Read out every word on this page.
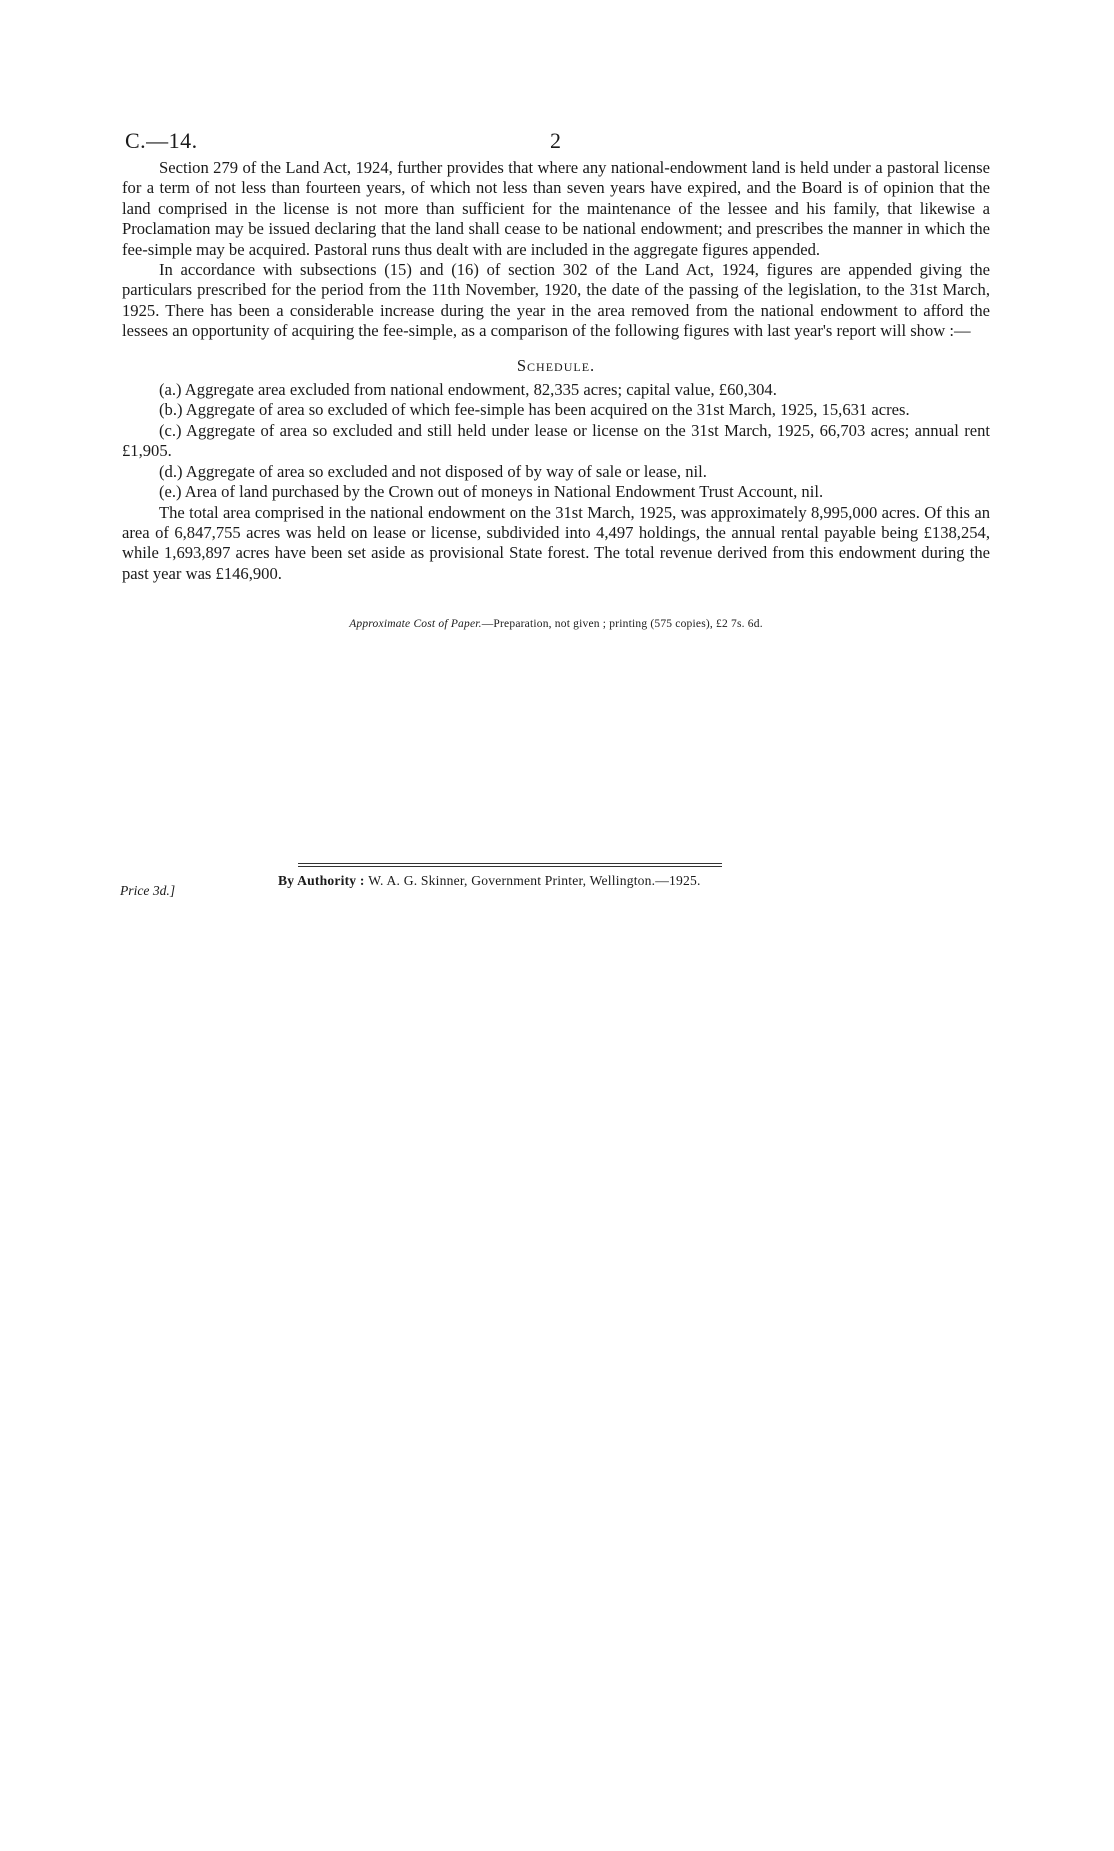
C.—14.	2

Section 279 of the Land Act, 1924, further provides that where any national-endowment land is held under a pastoral license for a term of not less than fourteen years, of which not less than seven years have expired, and the Board is of opinion that the land comprised in the license is not more than sufficient for the maintenance of the lessee and his family, that likewise a Proclamation may be issued declaring that the land shall cease to be national endowment; and prescribes the manner in which the fee-simple may be acquired. Pastoral runs thus dealt with are included in the aggregate figures appended.

In accordance with subsections (15) and (16) of section 302 of the Land Act, 1924, figures are appended giving the particulars prescribed for the period from the 11th November, 1920, the date of the passing of the legislation, to the 31st March, 1925. There has been a considerable increase during the year in the area removed from the national endowment to afford the lessees an opportunity of acquiring the fee-simple, as a comparison of the following figures with last year's report will show :—

Schedule.

(a.) Aggregate area excluded from national endowment, 82,335 acres; capital value, £60,304.

(b.) Aggregate of area so excluded of which fee-simple has been acquired on the 31st March, 1925, 15,631 acres.

(c.) Aggregate of area so excluded and still held under lease or license on the 31st March, 1925, 66,703 acres; annual rent £1,905.

(d.) Aggregate of area so excluded and not disposed of by way of sale or lease, nil.

(e.) Area of land purchased by the Crown out of moneys in National Endowment Trust Account, nil.

The total area comprised in the national endowment on the 31st March, 1925, was approximately 8,995,000 acres. Of this an area of 6,847,755 acres was held on lease or license, subdivided into 4,497 holdings, the annual rental payable being £138,254, while 1,693,897 acres have been set aside as provisional State forest. The total revenue derived from this endowment during the past year was £146,900.

Approximate Cost of Paper.—Preparation, not given ; printing (575 copies), £2 7s. 6d.
By Authority : W. A. G. Skinner, Government Printer, Wellington.—1925.
Price 3d.]
